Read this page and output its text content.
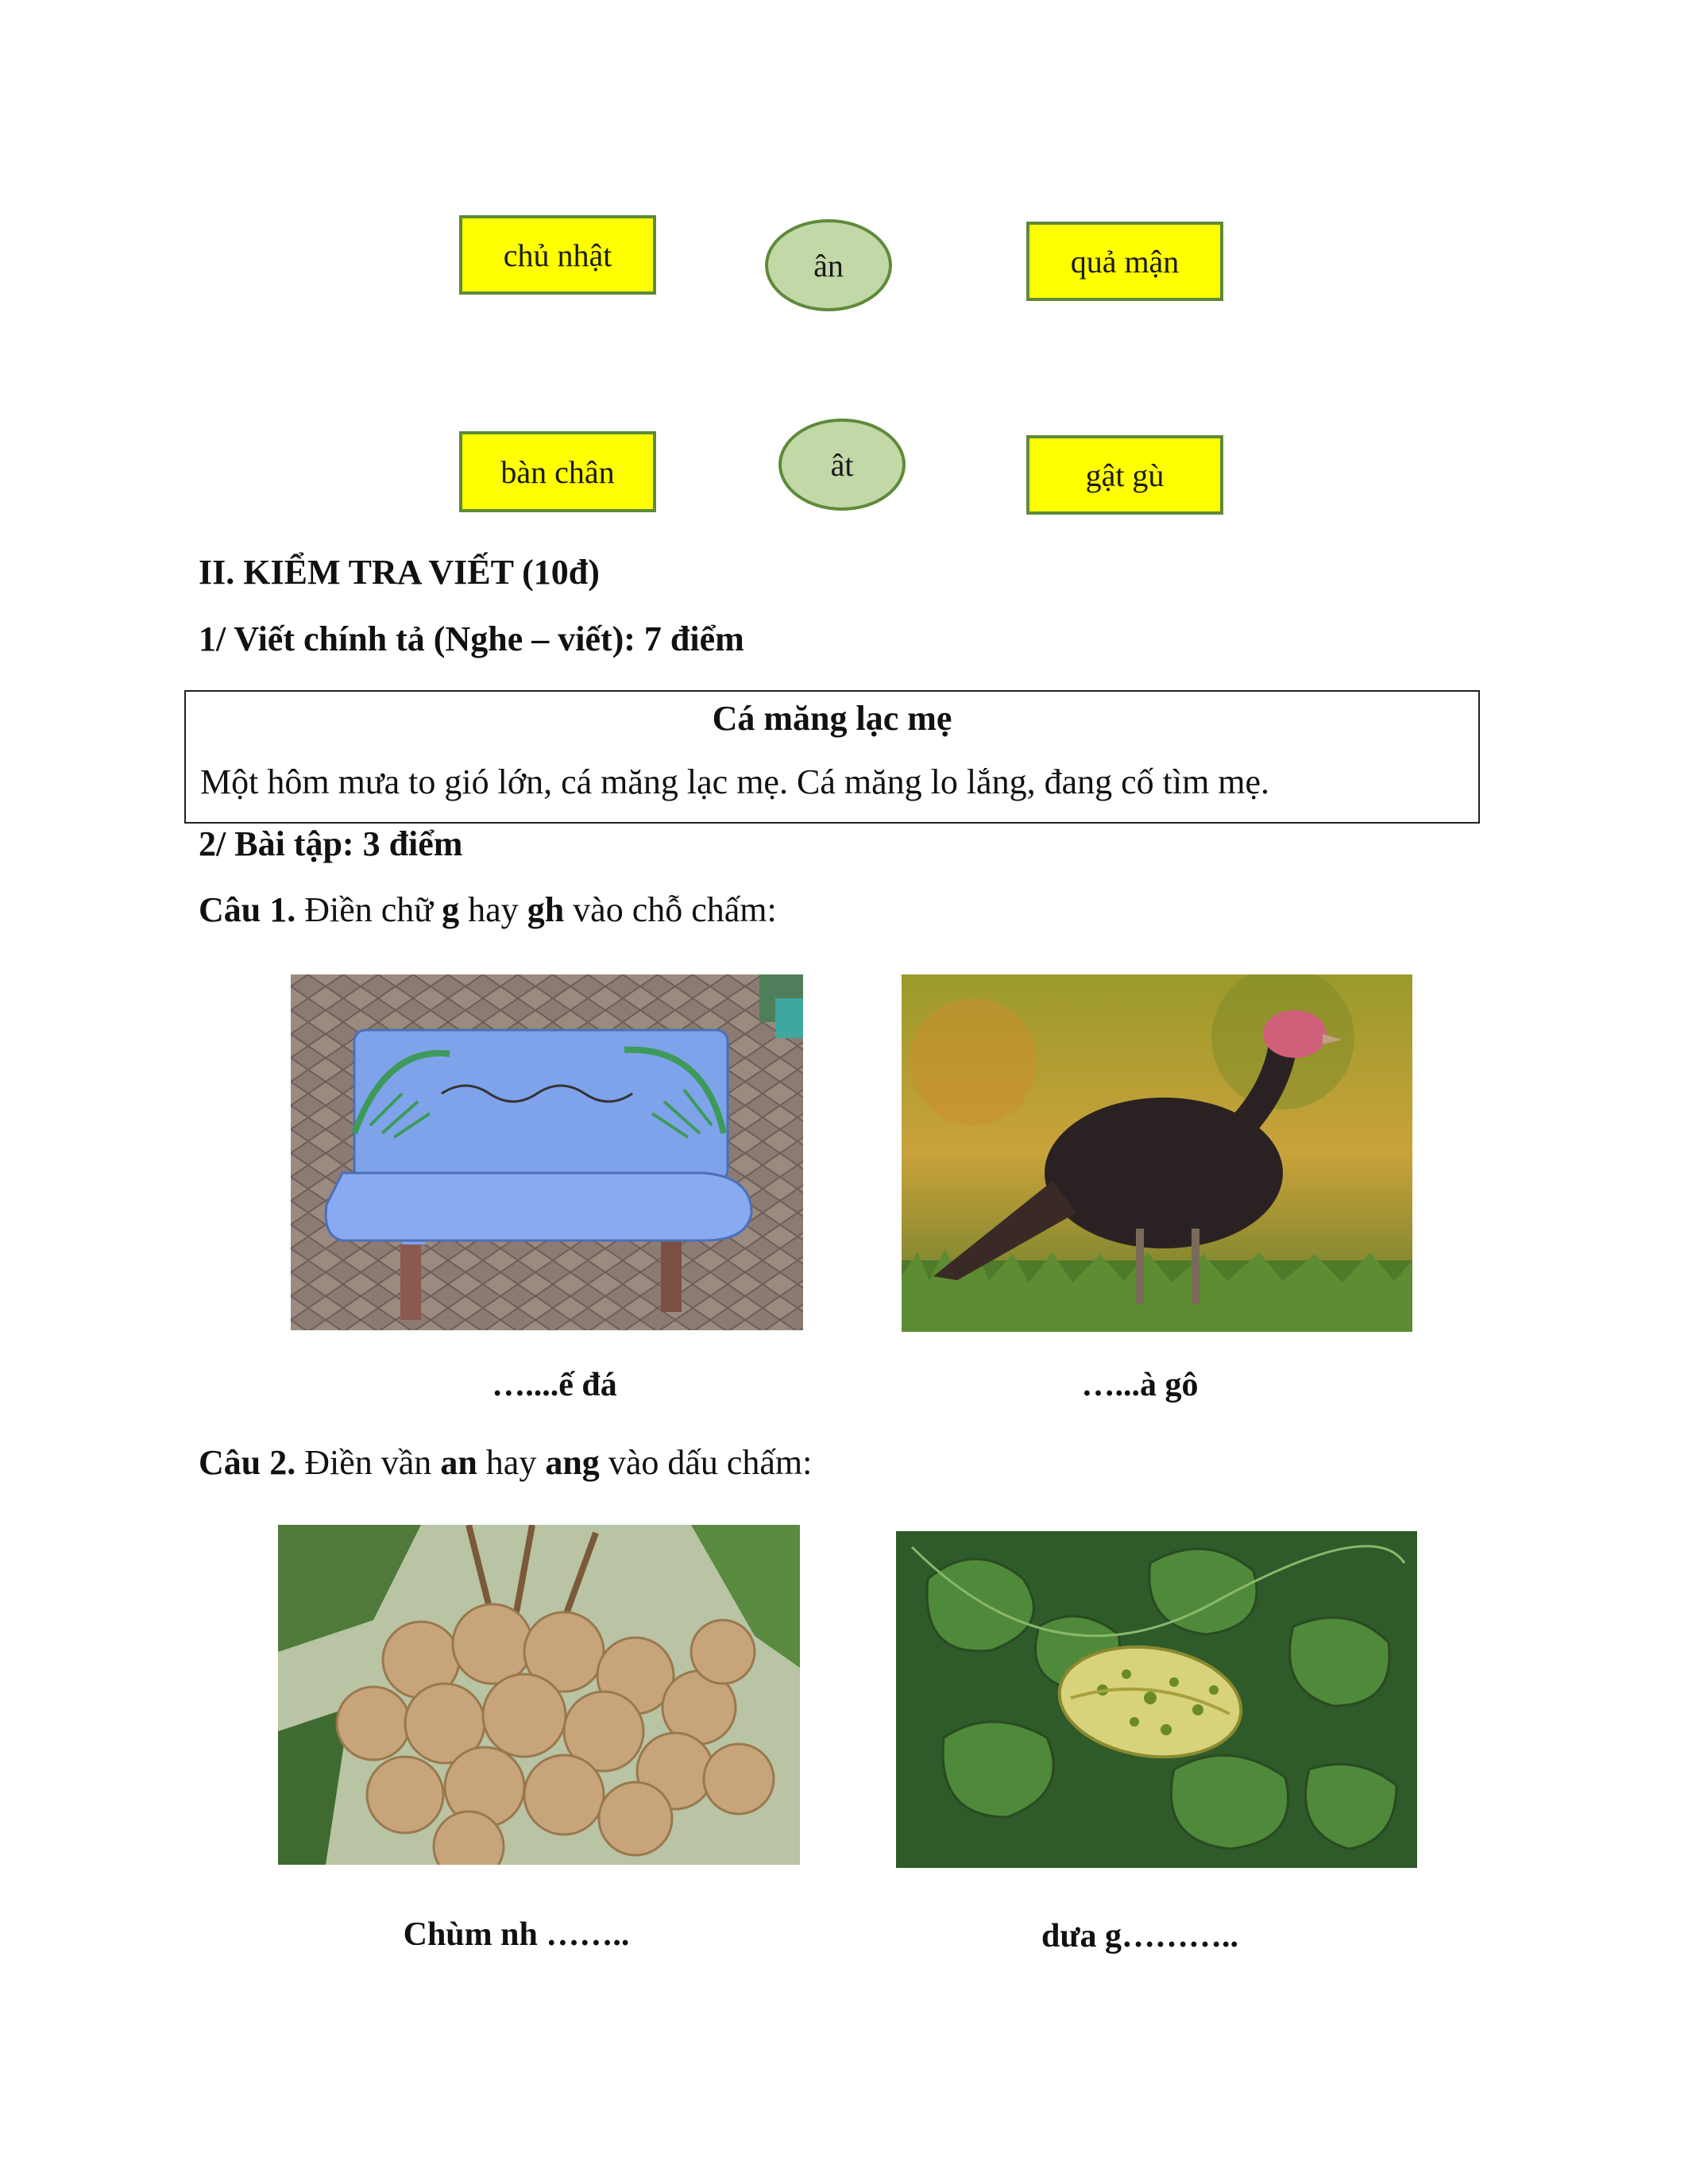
chủ nhật	ân	quả mận
bàn chân	ât	gật gù
II. KIỂM TRA VIẾT (10đ)
1/ Viết chính tả (Nghe – viết): 7 điểm
Cá măng lạc mẹ
Một hôm mưa to gió lớn, cá măng lạc mẹ. Cá măng lo lắng, đang cố tìm mẹ.
2/ Bài tập: 3 điểm
Câu 1. Điền chữ g hay gh vào chỗ chấm:
…....ế đá	…...à gô
Câu 2. Điền vần an hay ang vào dấu chấm:
Chùm nh ……..	dưa g………..
